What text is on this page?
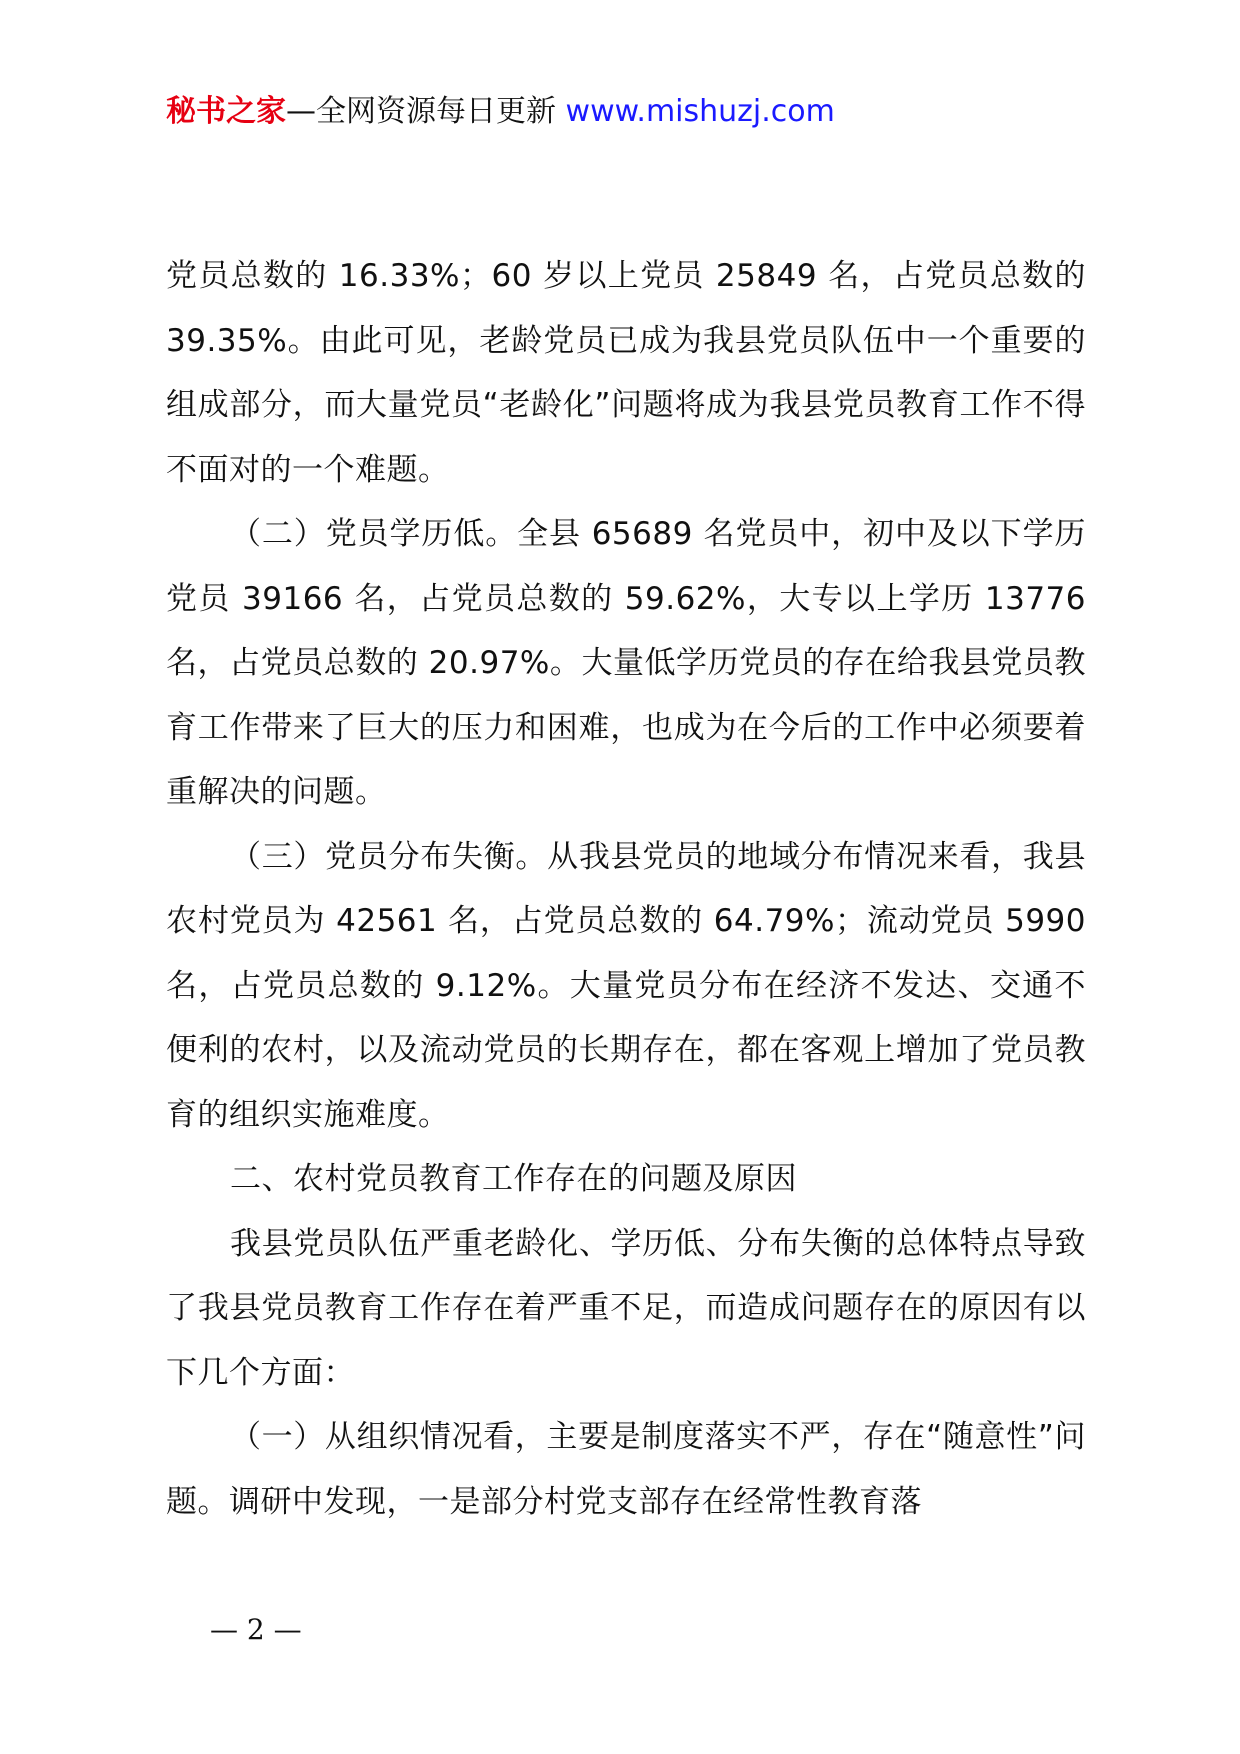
秘书之家—全网资源每日更新 www.mishuzj.com

党员总数的 16.33%；60 岁以上党员 25849 名，占党员总数的 39.35%。由此可见，老龄党员已成为我县党员队伍中一个重要的组成部分，而大量党员“老龄化”问题将成为我县党员教育工作不得不面对的一个难题。

（二）党员学历低。全县 65689 名党员中，初中及以下学历党员 39166 名，占党员总数的 59.62%，大专以上学历 13776 名，占党员总数的 20.97%。大量低学历党员的存在给我县党员教育工作带来了巨大的压力和困难，也成为在今后的工作中必须要着重解决的问题。

（三）党员分布失衡。从我县党员的地域分布情况来看，我县农村党员为 42561 名，占党员总数的 64.79%；流动党员 5990 名，占党员总数的 9.12%。大量党员分布在经济不发达、交通不便利的农村，以及流动党员的长期存在，都在客观上增加了党员教育的组织实施难度。

二、农村党员教育工作存在的问题及原因

我县党员队伍严重老龄化、学历低、分布失衡的总体特点导致了我县党员教育工作存在着严重不足，而造成问题存在的原因有以下几个方面：

（一）从组织情况看，主要是制度落实不严，存在“随意性”问题。调研中发现，一是部分村党支部存在经常性教育落

— 2 —
